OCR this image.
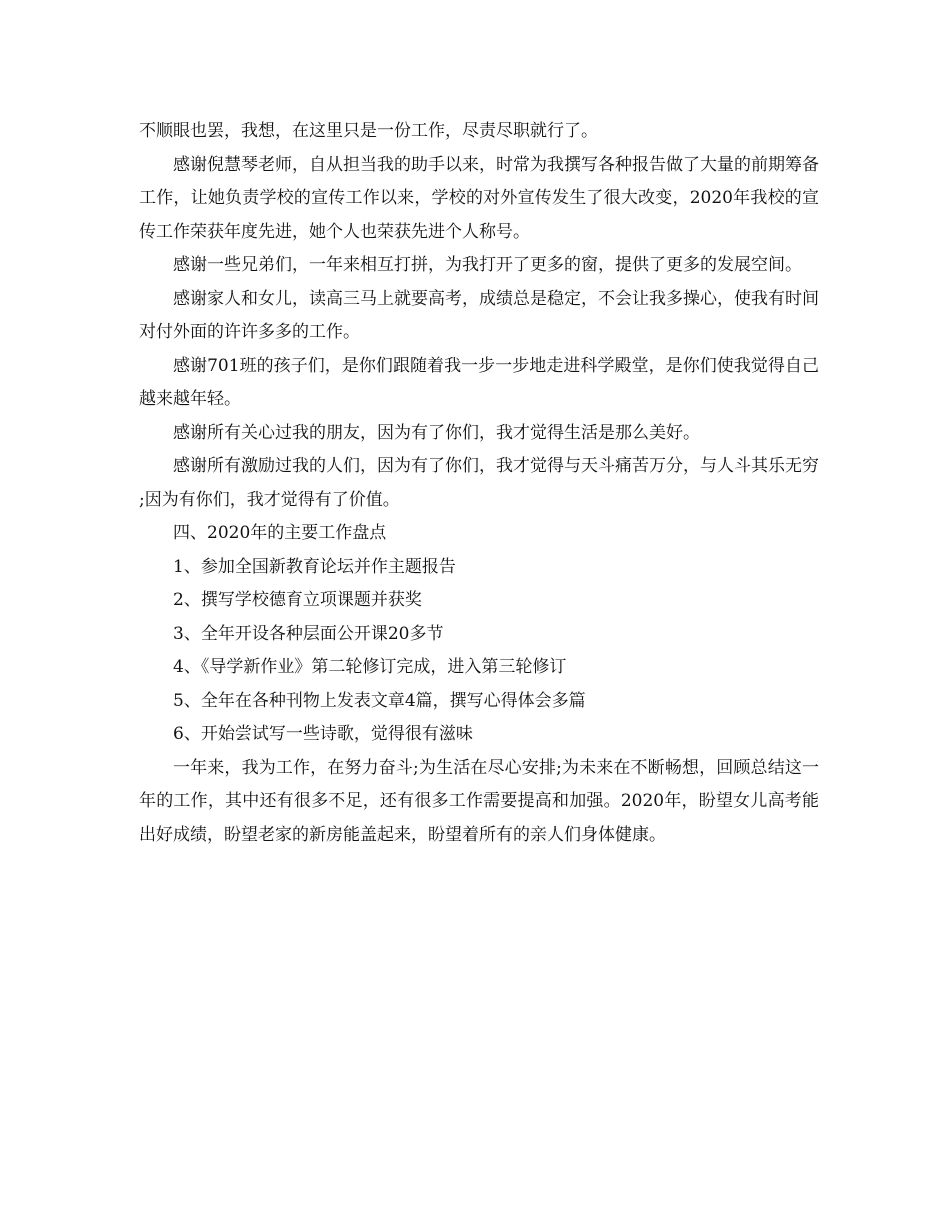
不顺眼也罢，我想，在这里只是一份工作，尽责尽职就行了。

感谢倪慧琴老师，自从担当我的助手以来，时常为我撰写各种报告做了大量的前期筹备工作，让她负责学校的宣传工作以来，学校的对外宣传发生了很大改变，2020年我校的宣传工作荣获年度先进，她个人也荣获先进个人称号。

感谢一些兄弟们，一年来相互打拼，为我打开了更多的窗，提供了更多的发展空间。

感谢家人和女儿，读高三马上就要高考，成绩总是稳定，不会让我多操心，使我有时间对付外面的许许多多的工作。

感谢701班的孩子们，是你们跟随着我一步一步地走进科学殿堂，是你们使我觉得自己越来越年轻。

感谢所有关心过我的朋友，因为有了你们，我才觉得生活是那么美好。

感谢所有激励过我的人们，因为有了你们，我才觉得与天斗痛苦万分，与人斗其乐无穷 ;因为有你们，我才觉得有了价值。

四、2020年的主要工作盘点

1、参加全国新教育论坛并作主题报告

2、撰写学校德育立项课题并获奖

3、全年开设各种层面公开课20多节

4、《导学新作业》第二轮修订完成，进入第三轮修订

5、全年在各种刊物上发表文章4篇，撰写心得体会多篇

6、开始尝试写一些诗歌，觉得很有滋味

一年来，我为工作，在努力奋斗;为生活在尽心安排;为未来在不断畅想，回顾总结这一年的工作，其中还有很多不足，还有很多工作需要提高和加强。2020年，盼望女儿高考能出好成绩，盼望老家的新房能盖起来，盼望着所有的亲人们身体健康。
